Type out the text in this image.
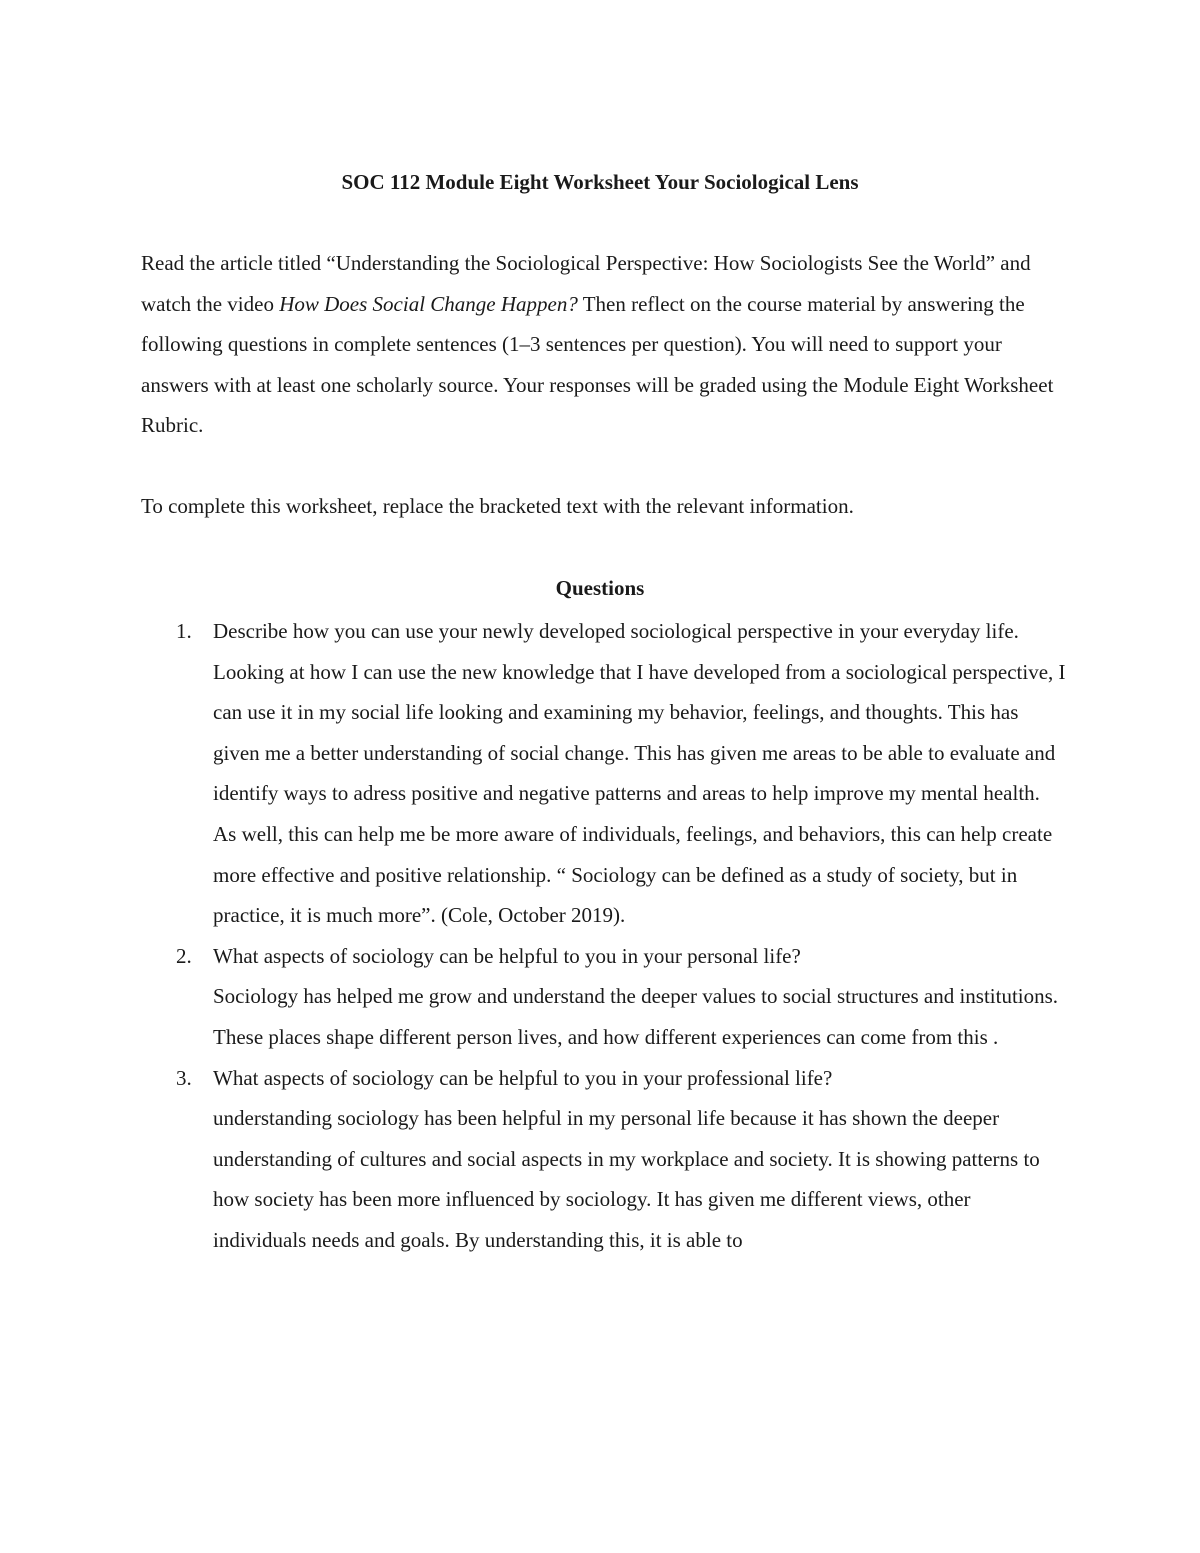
SOC 112 Module Eight Worksheet Your Sociological Lens

Read the article titled “Understanding the Sociological Perspective: How Sociologists See the World” and watch the video How Does Social Change Happen? Then reflect on the course material by answering the following questions in complete sentences (1–3 sentences per question). You will need to support your answers with at least one scholarly source. Your responses will be graded using the Module Eight Worksheet Rubric.

To complete this worksheet, replace the bracketed text with the relevant information.

Questions
1. Describe how you can use your newly developed sociological perspective in your everyday life.
Looking at how I can use the new knowledge that I have developed from a sociological perspective, I can use it in my social life looking and examining my behavior, feelings, and thoughts. This has given me a better understanding of social change. This has given me areas to be able to evaluate and identify ways to adress positive and negative patterns and areas to help improve my mental health. As well, this can help me be more aware of individuals, feelings, and behaviors, this can help create more effective and positive relationship. “ Sociology can be defined as a study of society, but in practice, it is much more”. (Cole, October 2019).
2. What aspects of sociology can be helpful to you in your personal life?
Sociology has helped me grow and understand the deeper values to social structures and institutions. These places shape different person lives, and how different experiences can come from this .
3. What aspects of sociology can be helpful to you in your professional life?
understanding sociology has been helpful in my personal life because it has shown the deeper understanding of cultures and social aspects in my workplace and society. It is showing patterns to how society has been more influenced by sociology. It has given me different views, other individuals needs and goals. By understanding this, it is able to
